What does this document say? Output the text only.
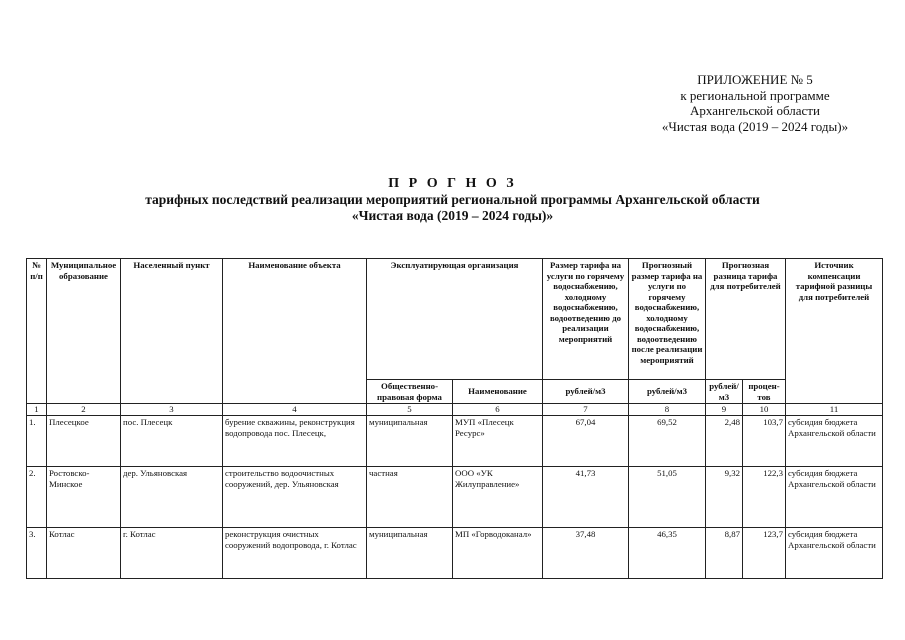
ПРИЛОЖЕНИЕ № 5
к региональной программе
Архангельской области
«Чистая вода (2019 – 2024 годы)»
П Р О Г Н О З
тарифных последствий реализации мероприятий региональной программы Архангельской области
«Чистая вода (2019 – 2024 годы)»
№ п/п	Муниципальное образование	Населенный пункт	Наименование объекта	Эксплуатирующая организация		Размер тарифа на услуги по горячему водоснабжению, холодному водоснабжению, водоотведению до реализации мероприятий	Прогнозный размер тарифа на услуги по горячему водоснабжению, холодному водоснабжению, водоотведению после реализации мероприятий	Прогнозная разница тарифа для потребителей		Источник компенсации тарифной разницы для потребителей
				Общественно-правовая форма	Наименование	рублей/м3	рублей/м3	рублей/ м3	процен-тов	
1	2	3	4	5	6	7	8	9	10	11
1.	Плесецкое	пос. Плесецк	бурение скважины, реконструкция водопровода пос. Плесецк,	муниципальная	МУП «Плесецк Ресурс»	67,04	69,52	2,48	103,7	субсидия бюджета Архангельской области
2.	Ростовско-Минское	дер. Ульяновская	строительство водоочистных сооружений, дер. Ульяновская	частная	ООО «УК Жилуправление»	41,73	51,05	9,32	122,3	субсидия бюджета Архангельской области
3.	Котлас	г. Котлас	реконструкция очистных сооружений водопровода, г. Котлас	муниципальная	МП «Горводоканал»	37,48	46,35	8,87	123,7	субсидия бюджета Архангельской области
